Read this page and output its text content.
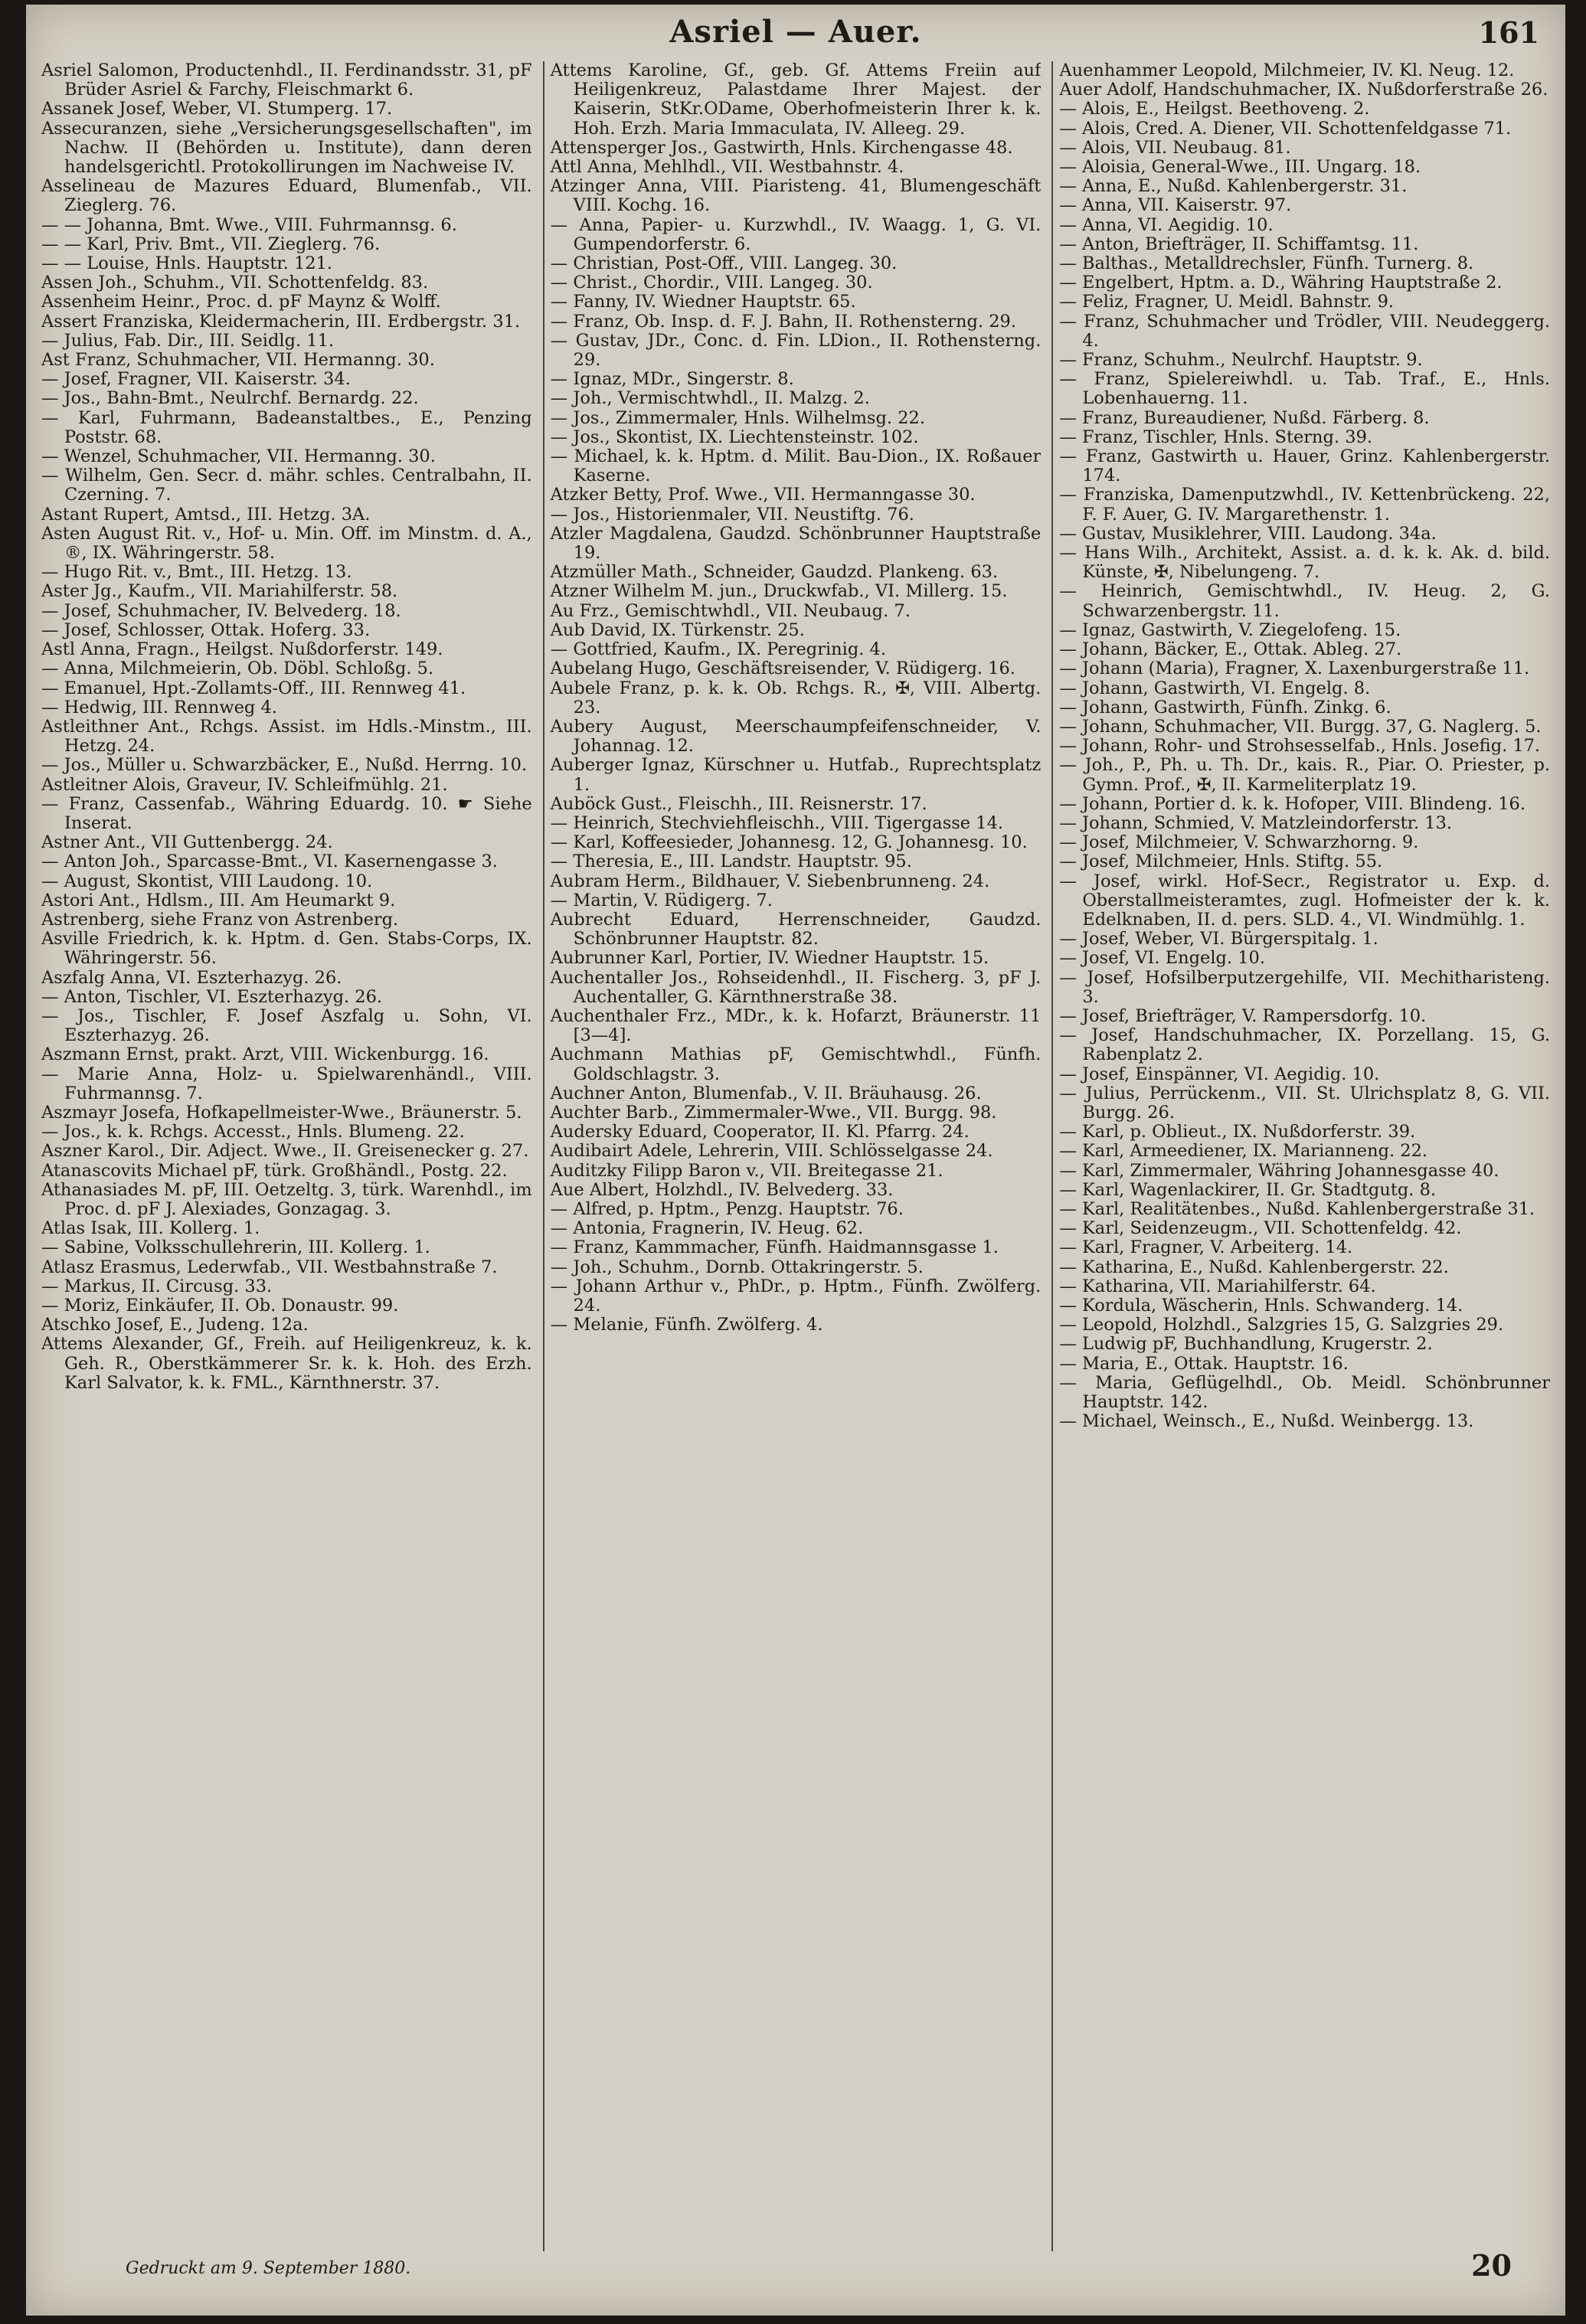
Asriel — Auer.	161

Asriel Salomon, Productenhdl., II. Ferdinandsstr. 31, pF Brüder Asriel & Farchy, Fleischmarkt 6.

Assanek Josef, Weber, VI. Stumperg. 17.

Assecuranzen, siehe „Versicherungsgesellschaften", im Nachw. II (Behörden u. Institute), dann deren handelsgerichtl. Protokollirungen im Nachweise IV.

Asselineau de Mazures Eduard, Blumenfab., VII. Zieglerg. 76.

— — Johanna, Bmt. Wwe., VIII. Fuhrmannsg. 6.

— — Karl, Priv. Bmt., VII. Zieglerg. 76.

— — Louise, Hnls. Hauptstr. 121.

Assen Joh., Schuhm., VII. Schottenfeldg. 83.

Assenheim Heinr., Proc. d. pF Maynz & Wolff.

Assert Franziska, Kleidermacherin, III. Erdbergstr. 31.

— Julius, Fab. Dir., III. Seidlg. 11.

Ast Franz, Schuhmacher, VII. Hermanng. 30.

— Josef, Fragner, VII. Kaiserstr. 34.

— Jos., Bahn-Bmt., Neulrchf. Bernardg. 22.

— Karl, Fuhrmann, Badeanstaltbes., E., Penzing Poststr. 68.

— Wenzel, Schuhmacher, VII. Hermanng. 30.

— Wilhelm, Gen. Secr. d. mähr. schles. Centralbahn, II. Czerning. 7.

Astant Rupert, Amtsd., III. Hetzg. 3A.

Asten August Rit. v., Hof- u. Min. Off. im Minstm. d. A., ®, IX. Währingerstr. 58.

— Hugo Rit. v., Bmt., III. Hetzg. 13.

Aster Jg., Kaufm., VII. Mariahilferstr. 58.

— Josef, Schuhmacher, IV. Belvederg. 18.

— Josef, Schlosser, Ottak. Hoferg. 33.

Astl Anna, Fragn., Heilgst. Nußdorferstr. 149.

— Anna, Milchmeierin, Ob. Döbl. Schloßg. 5.

— Emanuel, Hpt.-Zollamts-Off., III. Rennweg 41.

— Hedwig, III. Rennweg 4.

Astleithner Ant., Rchgs. Assist. im Hdls.-Minstm., III. Hetzg. 24.

— Jos., Müller u. Schwarzbäcker, E., Nußd. Herrng. 10.

Astleitner Alois, Graveur, IV. Schleifmühlg. 21.

— Franz, Cassenfab., Währing Eduardg. 10. ☛ Siehe Inserat.

Astner Ant., VII Guttenbergg. 24.

— Anton Joh., Sparcasse-Bmt., VI. Kasernengasse 3.

— August, Skontist, VIII Laudong. 10.

Astori Ant., Hdlsm., III. Am Heumarkt 9.

Astrenberg, siehe Franz von Astrenberg.

Asville Friedrich, k. k. Hptm. d. Gen. Stabs-Corps, IX. Währingerstr. 56.

Aszfalg Anna, VI. Eszterhazyg. 26.

— Anton, Tischler, VI. Eszterhazyg. 26.

— Jos., Tischler, F. Josef Aszfalg u. Sohn, VI. Eszterhazyg. 26.

Aszmann Ernst, prakt. Arzt, VIII. Wickenburgg. 16.

— Marie Anna, Holz- u. Spielwarenhändl., VIII. Fuhrmannsg. 7.

Aszmayr Josefa, Hofkapellmeister-Wwe., Bräunerstr. 5.

— Jos., k. k. Rchgs. Accesst., Hnls. Blumeng. 22.

Aszner Karol., Dir. Adject. Wwe., II. Greisenecker g. 27.

Atanascovits Michael pF, türk. Großhändl., Postg. 22.

Athanasiades M. pF, III. Oetzeltg. 3, türk. Warenhdl., im Proc. d. pF J. Alexiades, Gonzagag. 3.

Atlas Isak, III. Kollerg. 1.

— Sabine, Volksschullehrerin, III. Kollerg. 1.

Atlasz Erasmus, Lederwfab., VII. Westbahnstraße 7.

— Markus, II. Circusg. 33.

— Moriz, Einkäufer, II. Ob. Donaustr. 99.

Atschko Josef, E., Judeng. 12a.

Attems Alexander, Gf., Freih. auf Heiligenkreuz, k. k. Geh. R., Oberstkämmerer Sr. k. k. Hoh. des Erzh. Karl Salvator, k. k. FML., Kärnthnerstr. 37.

Attems Karoline, Gf., geb. Gf. Attems Freiin auf Heiligenkreuz, Palastdame Ihrer Majest. der Kaiserin, StKr.ODame, Oberhofmeisterin Ihrer k. k. Hoh. Erzh. Maria Immaculata, IV. Alleeg. 29.

Attensperger Jos., Gastwirth, Hnls. Kirchengasse 48.

Attl Anna, Mehlhdl., VII. Westbahnstr. 4.

Atzinger Anna, VIII. Piaristeng. 41, Blumengeschäft VIII. Kochg. 16.

— Anna, Papier- u. Kurzwhdl., IV. Waagg. 1, G. VI. Gumpendorferstr. 6.

— Christian, Post-Off., VIII. Langeg. 30.

— Christ., Chordir., VIII. Langeg. 30.

— Fanny, IV. Wiedner Hauptstr. 65.

— Franz, Ob. Insp. d. F. J. Bahn, II. Rothensterng. 29.

— Gustav, JDr., Conc. d. Fin. LDion., II. Rothensterng. 29.

— Ignaz, MDr., Singerstr. 8.

— Joh., Vermischtwhdl., II. Malzg. 2.

— Jos., Zimmermaler, Hnls. Wilhelmsg. 22.

— Jos., Skontist, IX. Liechtensteinstr. 102.

— Michael, k. k. Hptm. d. Milit. Bau-Dion., IX. Roßauer Kaserne.

Atzker Betty, Prof. Wwe., VII. Hermanngasse 30.

— Jos., Historienmaler, VII. Neustiftg. 76.

Atzler Magdalena, Gaudzd. Schönbrunner Hauptstraße 19.

Atzmüller Math., Schneider, Gaudzd. Plankeng. 63.

Atzner Wilhelm M. jun., Druckwfab., VI. Millerg. 15.

Au Frz., Gemischtwhdl., VII. Neubaug. 7.

Aub David, IX. Türkenstr. 25.

— Gottfried, Kaufm., IX. Peregrinig. 4.

Aubelang Hugo, Geschäftsreisender, V. Rüdigerg. 16.

Aubele Franz, p. k. k. Ob. Rchgs. R., ✠, VIII. Albertg. 23.

Aubery August, Meerschaumpfeifenschneider, V. Johannag. 12.

Auberger Ignaz, Kürschner u. Hutfab., Ruprechtsplatz 1.

Auböck Gust., Fleischh., III. Reisnerstr. 17.

— Heinrich, Stechviehfleischh., VIII. Tigergasse 14.

— Karl, Koffeesieder, Johannesg. 12, G. Johannesg. 10.

— Theresia, E., III. Landstr. Hauptstr. 95.

Aubram Herm., Bildhauer, V. Siebenbrunneng. 24.

— Martin, V. Rüdigerg. 7.

Aubrecht Eduard, Herrenschneider, Gaudzd. Schönbrunner Hauptstr. 82.

Aubrunner Karl, Portier, IV. Wiedner Hauptstr. 15.

Auchentaller Jos., Rohseidenhdl., II. Fischerg. 3, pF J. Auchentaller, G. Kärnthnerstraße 38.

Auchenthaler Frz., MDr., k. k. Hofarzt, Bräunerstr. 11 [3—4].

Auchmann Mathias pF, Gemischtwhdl., Fünfh. Goldschlagstr. 3.

Auchner Anton, Blumenfab., V. II. Bräuhausg. 26.

Auchter Barb., Zimmermaler-Wwe., VII. Burgg. 98.

Audersky Eduard, Cooperator, II. Kl. Pfarrg. 24.

Audibairt Adele, Lehrerin, VIII. Schlösselgasse 24.

Auditzky Filipp Baron v., VII. Breitegasse 21.

Aue Albert, Holzhdl., IV. Belvederg. 33.

— Alfred, p. Hptm., Penzg. Hauptstr. 76.

— Antonia, Fragnerin, IV. Heug. 62.

— Franz, Kammmacher, Fünfh. Haidmannsgasse 1.

— Joh., Schuhm., Dornb. Ottakringerstr. 5.

— Johann Arthur v., PhDr., p. Hptm., Fünfh. Zwölferg. 24.

— Melanie, Fünfh. Zwölferg. 4.

Auenhammer Leopold, Milchmeier, IV. Kl. Neug. 12.

Auer Adolf, Handschuhmacher, IX. Nußdorferstraße 26.

— Alois, E., Heilgst. Beethoveng. 2.

— Alois, Cred. A. Diener, VII. Schottenfeldgasse 71.

— Alois, VII. Neubaug. 81.

— Aloisia, General-Wwe., III. Ungarg. 18.

— Anna, E., Nußd. Kahlenbergerstr. 31.

— Anna, VII. Kaiserstr. 97.

— Anna, VI. Aegidig. 10.

— Anton, Briefträger, II. Schiffamtsg. 11.

— Balthas., Metalldrechsler, Fünfh. Turnerg. 8.

— Engelbert, Hptm. a. D., Währing Hauptstraße 2.

— Feliz, Fragner, U. Meidl. Bahnstr. 9.

— Franz, Schuhmacher und Trödler, VIII. Neudeggerg. 4.

— Franz, Schuhm., Neulrchf. Hauptstr. 9.

— Franz, Spielereiwhdl. u. Tab. Traf., E., Hnls. Lobenhauerng. 11.

— Franz, Bureaudiener, Nußd. Färberg. 8.

— Franz, Tischler, Hnls. Sterng. 39.

— Franz, Gastwirth u. Hauer, Grinz. Kahlenbergerstr. 174.

— Franziska, Damenputzwhdl., IV. Kettenbrückeng. 22, F. F. Auer, G. IV. Margarethenstr. 1.

— Gustav, Musiklehrer, VIII. Laudong. 34a.

— Hans Wilh., Architekt, Assist. a. d. k. k. Ak. d. bild. Künste, ✠, Nibelungeng. 7.

— Heinrich, Gemischtwhdl., IV. Heug. 2, G. Schwarzenbergstr. 11.

— Ignaz, Gastwirth, V. Ziegelofeng. 15.

— Johann, Bäcker, E., Ottak. Ableg. 27.

— Johann (Maria), Fragner, X. Laxenburgerstraße 11.

— Johann, Gastwirth, VI. Engelg. 8.

— Johann, Gastwirth, Fünfh. Zinkg. 6.

— Johann, Schuhmacher, VII. Burgg. 37, G. Naglerg. 5.

— Johann, Rohr- und Strohsesselfab., Hnls. Josefig. 17.

— Joh., P., Ph. u. Th. Dr., kais. R., Piar. O. Priester, p. Gymn. Prof., ✠, II. Karmeliterplatz 19.

— Johann, Portier d. k. k. Hofoper, VIII. Blindeng. 16.

— Johann, Schmied, V. Matzleindorferstr. 13.

— Josef, Milchmeier, V. Schwarzhorng. 9.

— Josef, Milchmeier, Hnls. Stiftg. 55.

— Josef, wirkl. Hof-Secr., Registrator u. Exp. d. Oberstallmeisteramtes, zugl. Hofmeister der k. k. Edelknaben, II. d. pers. SLD. 4., VI. Windmühlg. 1.

— Josef, Weber, VI. Bürgerspitalg. 1.

— Josef, VI. Engelg. 10.

— Josef, Hofsilberputzergehilfe, VII. Mechitharisteng. 3.

— Josef, Briefträger, V. Rampersdorfg. 10.

— Josef, Handschuhmacher, IX. Porzellang. 15, G. Rabenplatz 2.

— Josef, Einspänner, VI. Aegidig. 10.

— Julius, Perrückenm., VII. St. Ulrichsplatz 8, G. VII. Burgg. 26.

— Karl, p. Oblieut., IX. Nußdorferstr. 39.

— Karl, Armeediener, IX. Marianneng. 22.

— Karl, Zimmermaler, Währing Johannesgasse 40.

— Karl, Wagenlackirer, II. Gr. Stadtgutg. 8.

— Karl, Realitätenbes., Nußd. Kahlenbergerstraße 31.

— Karl, Seidenzeugm., VII. Schottenfeldg. 42.

— Karl, Fragner, V. Arbeiterg. 14.

— Katharina, E., Nußd. Kahlenbergerstr. 22.

— Katharina, VII. Mariahilferstr. 64.

— Kordula, Wäscherin, Hnls. Schwanderg. 14.

— Leopold, Holzhdl., Salzgries 15, G. Salzgries 29.

— Ludwig pF, Buchhandlung, Krugerstr. 2.

— Maria, E., Ottak. Hauptstr. 16.

— Maria, Geflügelhdl., Ob. Meidl. Schönbrunner Hauptstr. 142.

— Michael, Weinsch., E., Nußd. Weinbergg. 13.

Gedruckt am 9. September 1880.	20
